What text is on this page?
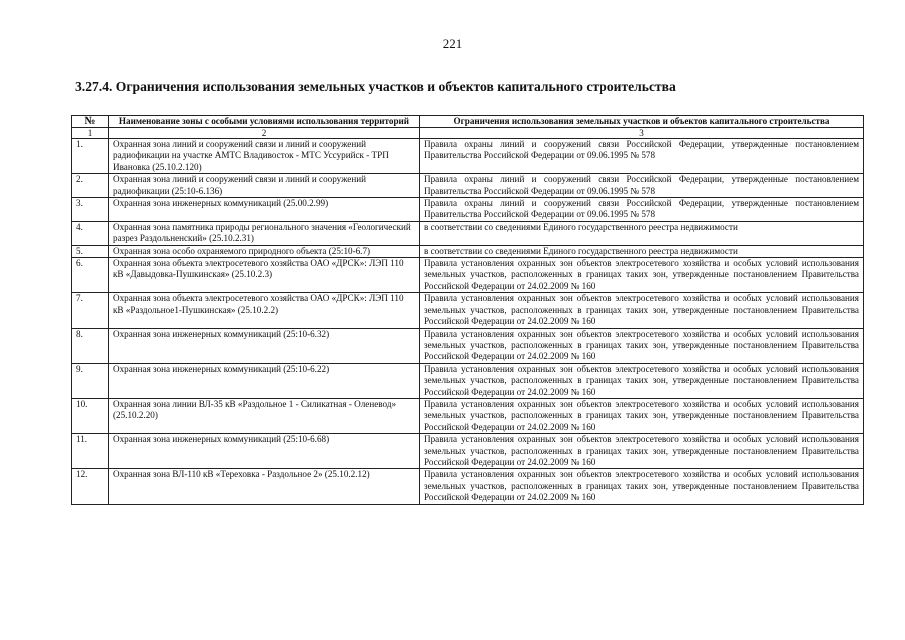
221
3.27.4. Ограничения использования земельных участков и объектов капитального строительства
№	Наименование зоны с особыми условиями использования территорий	Ограничения использования земельных участков и объектов капитального строительства
1	2	3
1.	Охранная зона линий и сооружений связи и линий и сооружений радиофикации на участке АМТС Владивосток - МТС Уссурийск - ТРП Ивановка (25.10.2.120)	Правила охраны линий и сооружений связи Российской Федерации, утвержденные постановлением Правительства Российской Федерации от 09.06.1995 № 578
2.	Охранная зона линий и сооружений связи и линий и сооружений радиофикации (25:10-6.136)	Правила охраны линий и сооружений связи Российской Федерации, утвержденные постановлением Правительства Российской Федерации от 09.06.1995 № 578
3.	Охранная зона инженерных коммуникаций (25.00.2.99)	Правила охраны линий и сооружений связи Российской Федерации, утвержденные постановлением Правительства Российской Федерации от 09.06.1995 № 578
4.	Охранная зона памятника природы регионального значения «Геологический разрез Раздольненский» (25.10.2.31)	в соответствии со сведениями Единого государственного реестра недвижимости
5.	Охранная зона особо охраняемого природного объекта (25:10-6.7)	в соответствии со сведениями Единого государственного реестра недвижимости
6.	Охранная зона объекта электросетевого хозяйства ОАО «ДРСК»: ЛЭП 110 кВ «Давыдовка-Пушкинская» (25.10.2.3)	Правила установления охранных зон объектов электросетевого хозяйства и особых условий использования земельных участков, расположенных в границах таких зон, утвержденные постановлением Правительства Российской Федерации от 24.02.2009 № 160
7.	Охранная зона объекта электросетевого хозяйства ОАО «ДРСК»: ЛЭП 110 кВ «Раздольное1-Пушкинская» (25.10.2.2)	Правила установления охранных зон объектов электросетевого хозяйства и особых условий использования земельных участков, расположенных в границах таких зон, утвержденные постановлением Правительства Российской Федерации от 24.02.2009 № 160
8.	Охранная зона инженерных коммуникаций (25:10-6.32)	Правила установления охранных зон объектов электросетевого хозяйства и особых условий использования земельных участков, расположенных в границах таких зон, утвержденные постановлением Правительства Российской Федерации от 24.02.2009 № 160
9.	Охранная зона инженерных коммуникаций (25:10-6.22)	Правила установления охранных зон объектов электросетевого хозяйства и особых условий использования земельных участков, расположенных в границах таких зон, утвержденные постановлением Правительства Российской Федерации от 24.02.2009 № 160
10.	Охранная зона линии ВЛ-35 кВ «Раздольное 1 - Силикатная - Оленевод» (25.10.2.20)	Правила установления охранных зон объектов электросетевого хозяйства и особых условий использования земельных участков, расположенных в границах таких зон, утвержденные постановлением Правительства Российской Федерации от 24.02.2009 № 160
11.	Охранная зона инженерных коммуникаций (25:10-6.68)	Правила установления охранных зон объектов электросетевого хозяйства и особых условий использования земельных участков, расположенных в границах таких зон, утвержденные постановлением Правительства Российской Федерации от 24.02.2009 № 160
12.	Охранная зона ВЛ-110 кВ «Тереховка - Раздольное 2» (25.10.2.12)	Правила установления охранных зон объектов электросетевого хозяйства и особых условий использования земельных участков, расположенных в границах таких зон, утвержденные постановлением Правительства Российской Федерации от 24.02.2009 № 160
